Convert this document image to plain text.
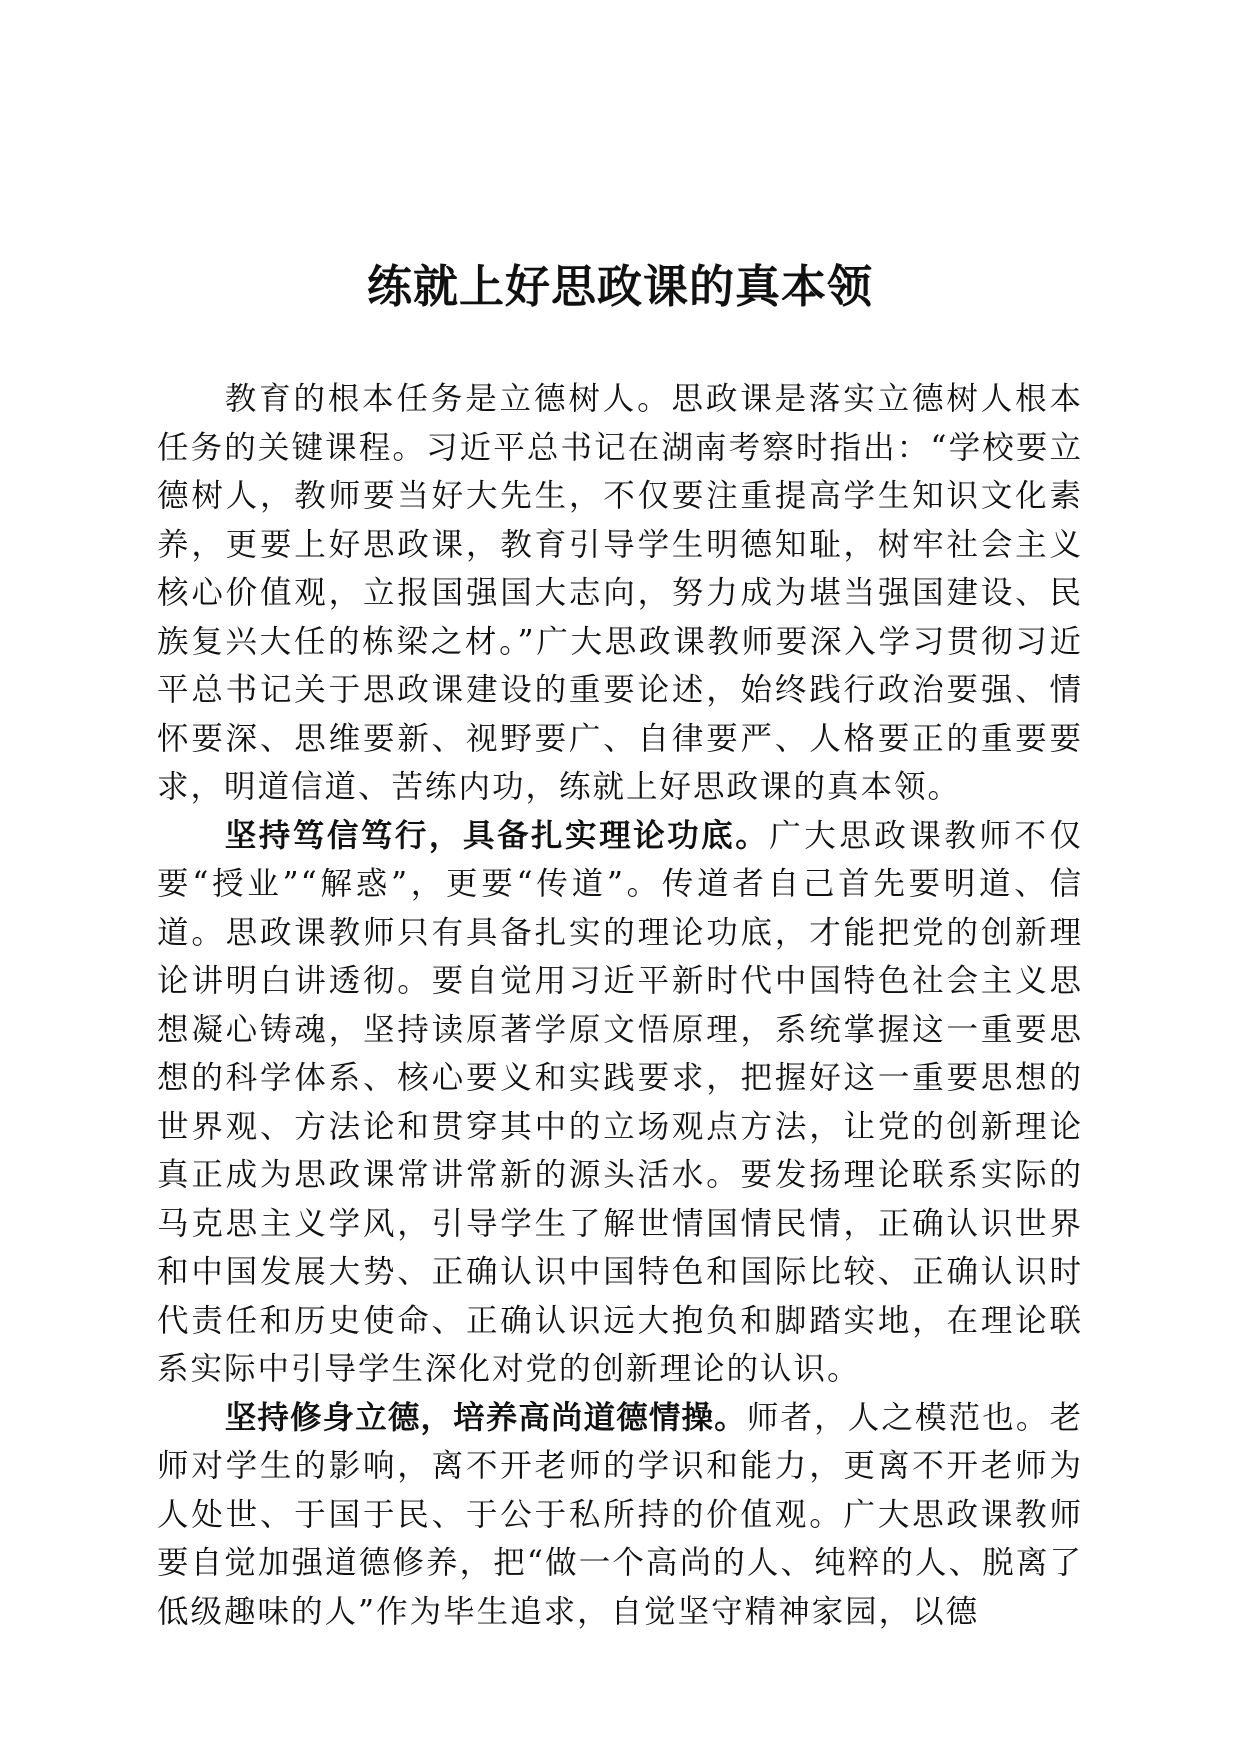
练就上好思政课的真本领

教育的根本任务是立德树人。思政课是落实立德树人根本任务的关键课程。习近平总书记在湖南考察时指出：“学校要立德树人，教师要当好大先生，不仅要注重提高学生知识文化素养，更要上好思政课，教育引导学生明德知耻，树牢社会主义核心价值观，立报国强国大志向，努力成为堪当强国建设、民族复兴大任的栋梁之材。”广大思政课教师要深入学习贯彻习近平总书记关于思政课建设的重要论述，始终践行政治要强、情怀要深、思维要新、视野要广、自律要严、人格要正的重要要求，明道信道、苦练内功，练就上好思政课的真本领。

坚持笃信笃行，具备扎实理论功底。广大思政课教师不仅要“授业”“解惑”，更要“传道”。传道者自己首先要明道、信道。思政课教师只有具备扎实的理论功底，才能把党的创新理论讲明白讲透彻。要自觉用习近平新时代中国特色社会主义思想凝心铸魂，坚持读原著学原文悟原理，系统掌握这一重要思想的科学体系、核心要义和实践要求，把握好这一重要思想的世界观、方法论和贯穿其中的立场观点方法，让党的创新理论真正成为思政课常讲常新的源头活水。要发扬理论联系实际的马克思主义学风，引导学生了解世情国情民情，正确认识世界和中国发展大势、正确认识中国特色和国际比较、正确认识时代责任和历史使命、正确认识远大抱负和脚踏实地，在理论联系实际中引导学生深化对党的创新理论的认识。

坚持修身立德，培养高尚道德情操。师者，人之模范也。老师对学生的影响，离不开老师的学识和能力，更离不开老师为人处世、于国于民、于公于私所持的价值观。广大思政课教师要自觉加强道德修养，把“做一个高尚的人、纯粹的人、脱离了低级趣味的人”作为毕生追求，自觉坚守精神家园，以德
